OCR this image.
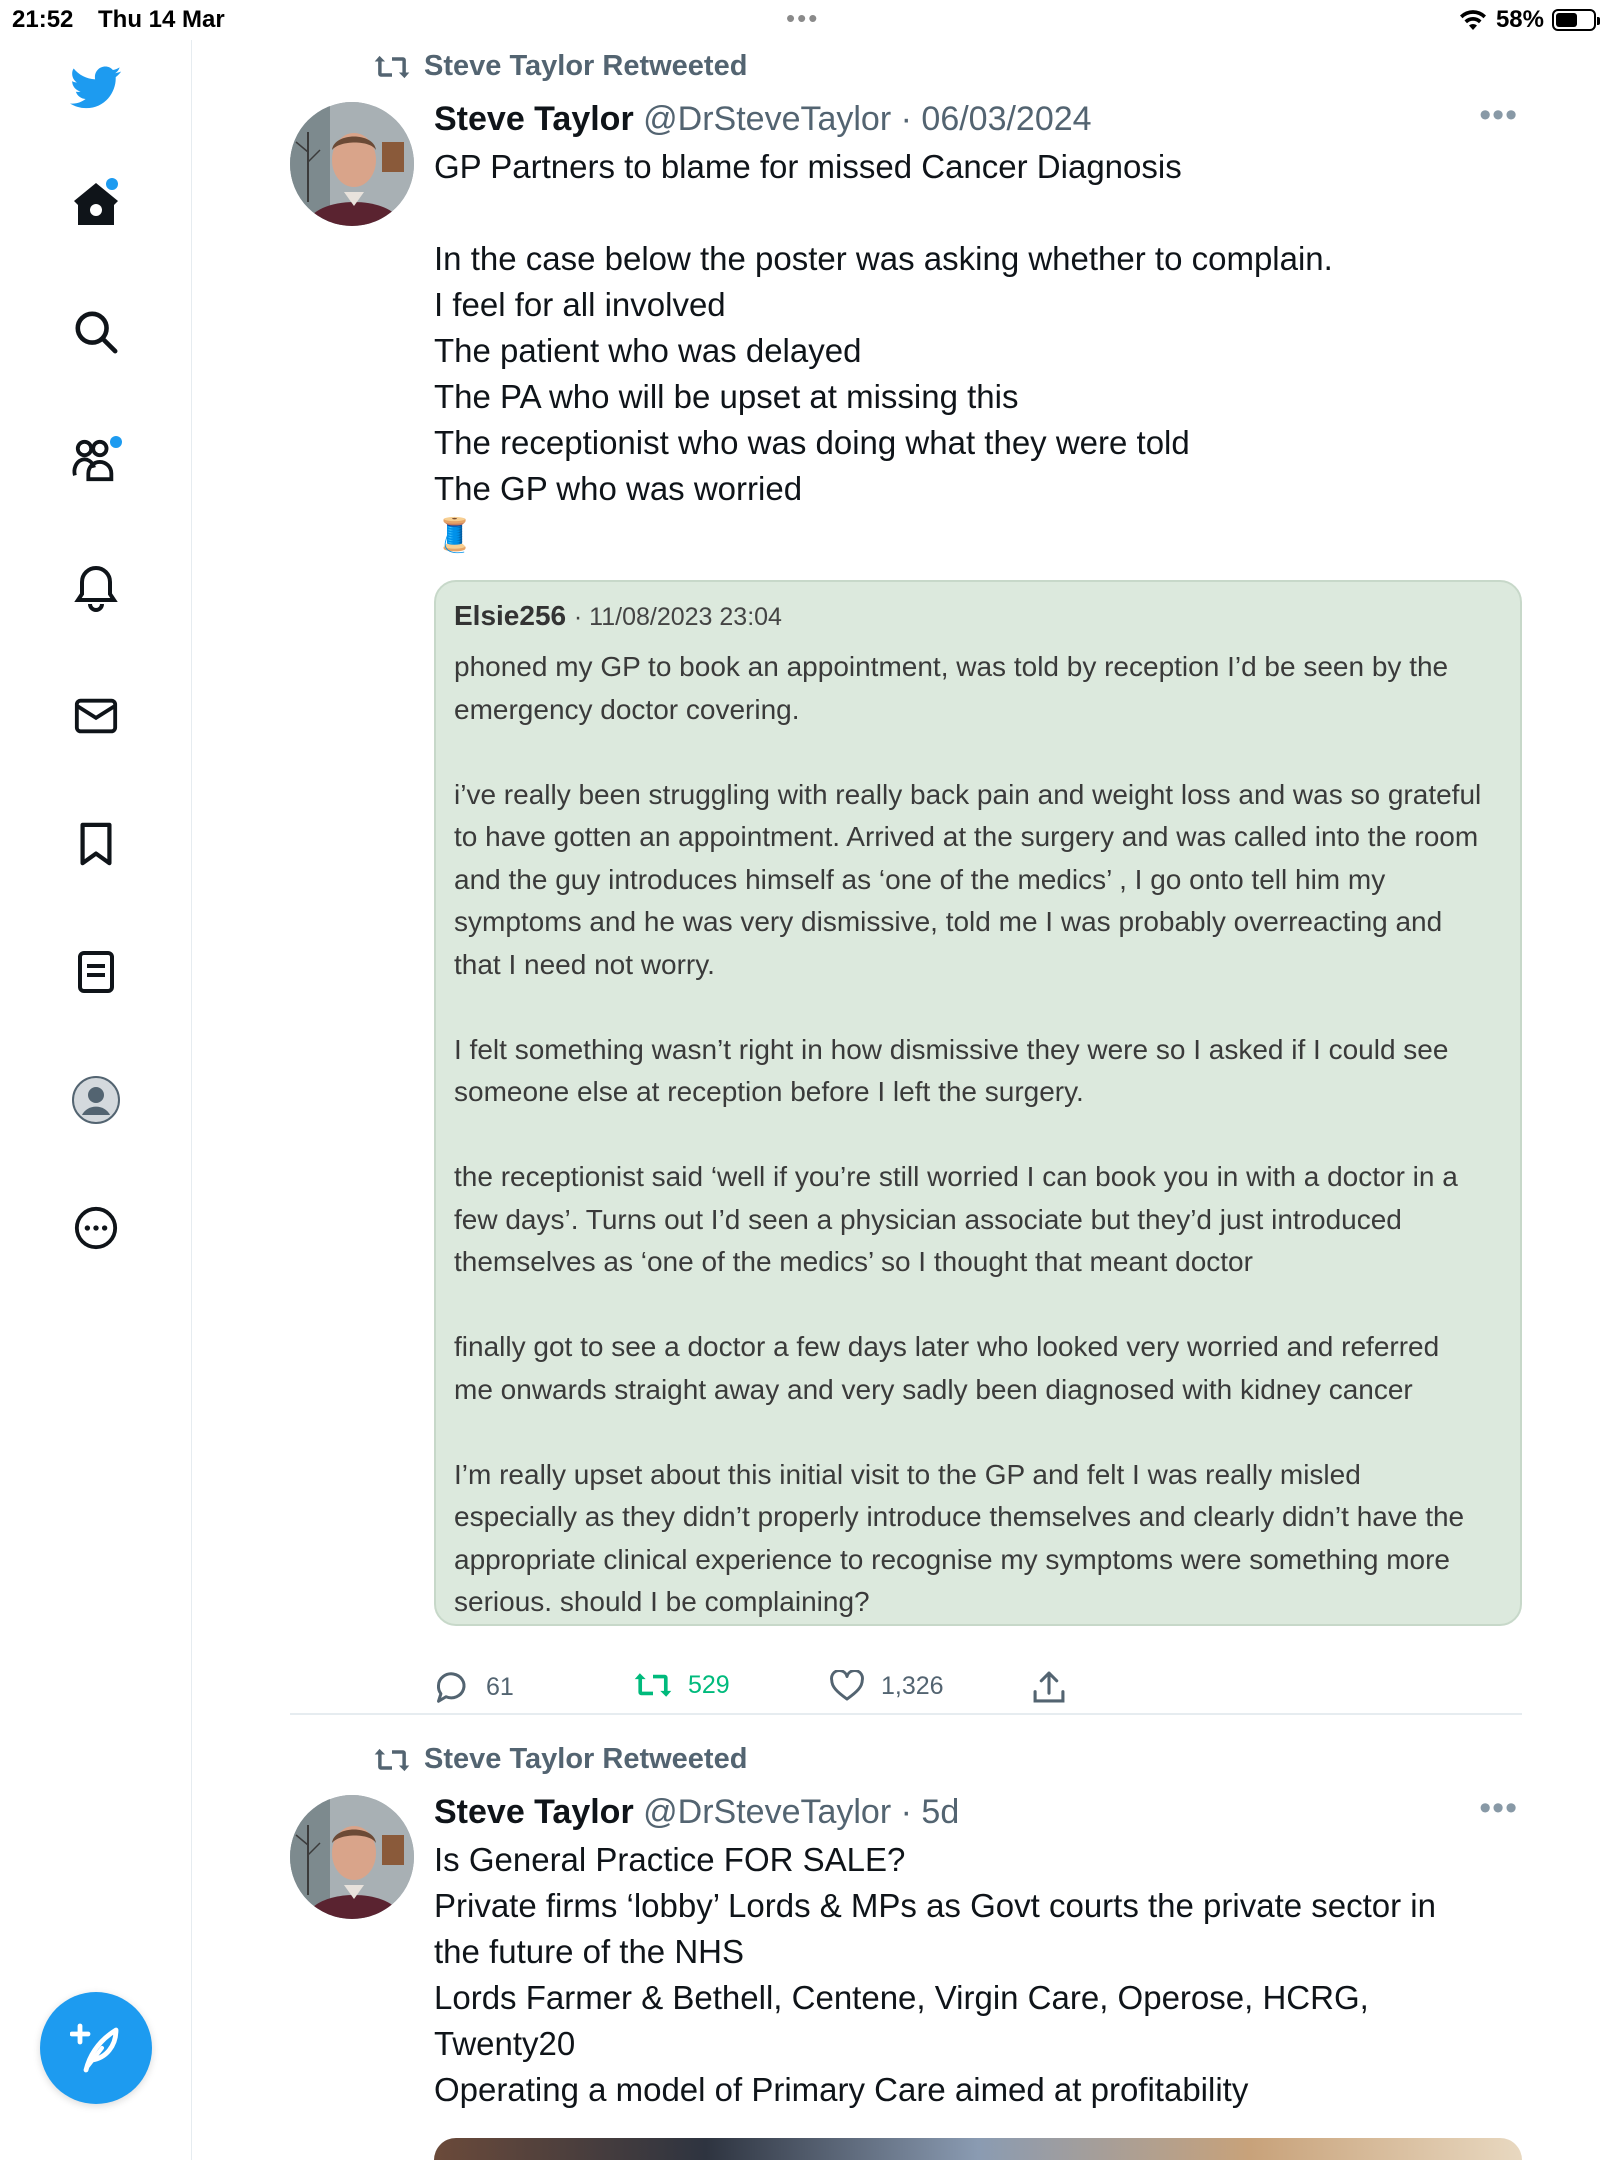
21:52 Thu 14 Mar	•••	58%
Steve Taylor Retweeted
Steve Taylor @DrSteveTaylor · 06/03/2024	•••

GP Partners to blame for missed Cancer Diagnosis

In the case below the poster was asking whether to complain.

I feel for all involved

The patient who was delayed

The PA who will be upset at missing this

The receptionist who was doing what they were told

The GP who was worried

🧵

Elsie256 · 11/08/2023 23:04

phoned my GP to book an appointment, was told by reception I’d be seen by the

emergency doctor covering.

i’ve really been struggling with really back pain and weight loss and was so grateful

to have gotten an appointment. Arrived at the surgery and was called into the room

and the guy introduces himself as ‘one of the medics’ , I go onto tell him my

symptoms and he was very dismissive, told me I was probably overreacting and

that I need not worry.

I felt something wasn’t right in how dismissive they were so I asked if I could see

someone else at reception before I left the surgery.

the receptionist said ‘well if you’re still worried I can book you in with a doctor in a

few days’. Turns out I’d seen a physician associate but they’d just introduced

themselves as ‘one of the medics’ so I thought that meant doctor

finally got to see a doctor a few days later who looked very worried and referred

me onwards straight away and very sadly been diagnosed with kidney cancer

I’m really upset about this initial visit to the GP and felt I was really misled

especially as they didn’t properly introduce themselves and clearly didn’t have the

appropriate clinical experience to recognise my symptoms were something more

serious. should I be complaining?

61	529	1,326
Steve Taylor Retweeted
Steve Taylor @DrSteveTaylor · 5d	•••

Is General Practice FOR SALE?

Private firms ‘lobby’ Lords & MPs as Govt courts the private sector in

the future of the NHS

Lords Farmer & Bethell, Centene, Virgin Care, Operose, HCRG,

Twenty20

Operating a model of Primary Care aimed at profitability
